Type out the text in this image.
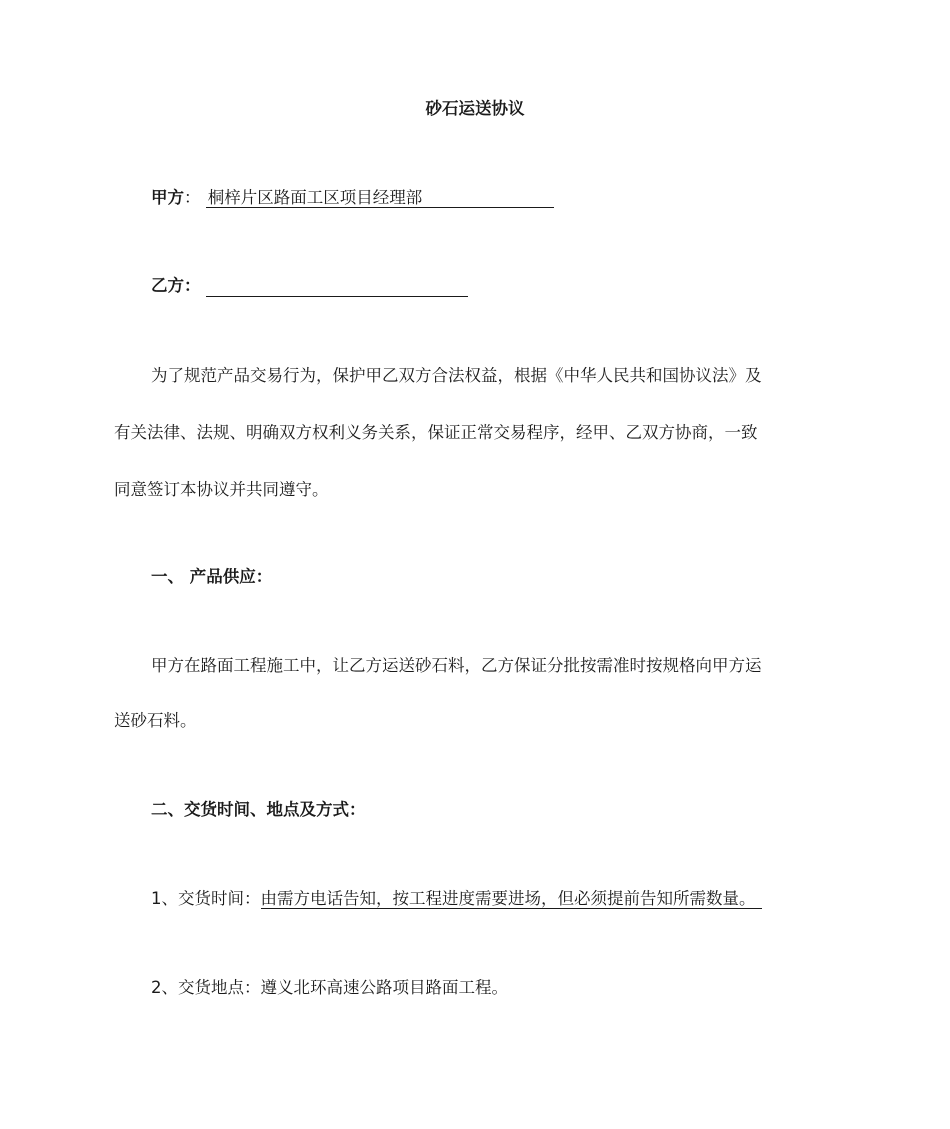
砂石运送协议
甲方： 桐梓片区路面工区项目经理部
乙方：
为了规范产品交易行为，保护甲乙双方合法权益，根据《中华人民共和国协议法》及
有关法律、法规、明确双方权利义务关系，保证正常交易程序，经甲、乙双方协商，一致
同意签订本协议并共同遵守。
一、 产品供应：
甲方在路面工程施工中，让乙方运送砂石料，乙方保证分批按需准时按规格向甲方运
送砂石料。
二、交货时间、地点及方式：
1、交货时间：由需方电话告知，按工程进度需要进场，但必须提前告知所需数量。
2、交货地点：遵义北环高速公路项目路面工程。
